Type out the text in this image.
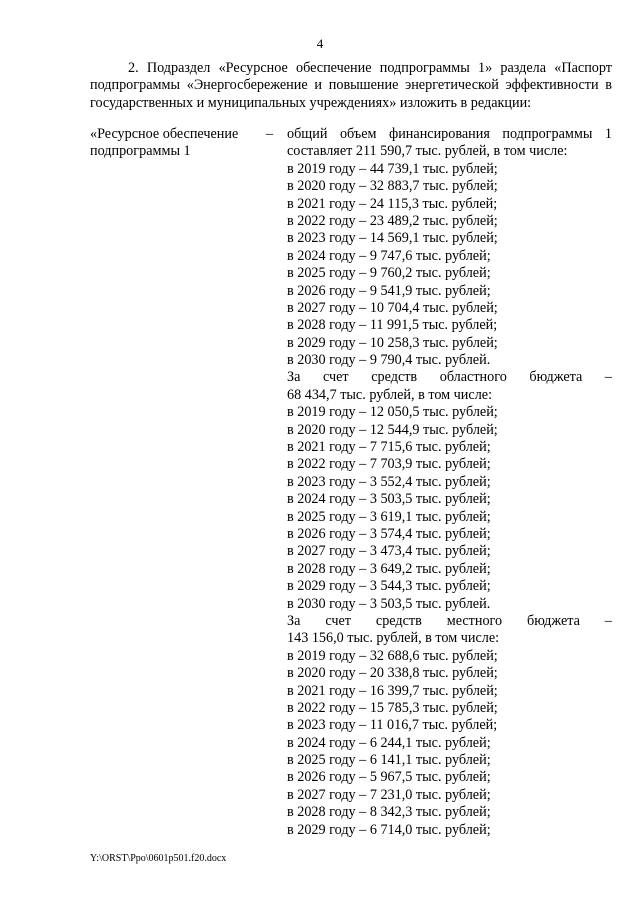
4
2. Подраздел «Ресурсное обеспечение подпрограммы 1» раздела «Паспорт подпрограммы «Энергосбережение и повышение энергетической эффективности в государственных и муниципальных учреждениях» изложить в редакции:
«Ресурсное обеспечение подпрограммы 1
– общий объем финансирования подпрограммы 1
составляет 211 590,7 тыс. рублей, в том числе:
в 2019 году – 44 739,1 тыс. рублей;
в 2020 году – 32 883,7 тыс. рублей;
в 2021 году – 24 115,3 тыс. рублей;
в 2022 году – 23 489,2 тыс. рублей;
в 2023 году – 14 569,1 тыс. рублей;
в 2024 году – 9 747,6 тыс. рублей;
в 2025 году – 9 760,2 тыс. рублей;
в 2026 году – 9 541,9 тыс. рублей;
в 2027 году – 10 704,4 тыс. рублей;
в 2028 году – 11 991,5 тыс. рублей;
в 2029 году – 10 258,3 тыс. рублей;
в 2030 году – 9 790,4 тыс. рублей.
За счет средств областного бюджета –
68 434,7 тыс. рублей, в том числе:
в 2019 году – 12 050,5 тыс. рублей;
в 2020 году – 12 544,9 тыс. рублей;
в 2021 году – 7 715,6 тыс. рублей;
в 2022 году – 7 703,9 тыс. рублей;
в 2023 году – 3 552,4 тыс. рублей;
в 2024 году – 3 503,5 тыс. рублей;
в 2025 году – 3 619,1 тыс. рублей;
в 2026 году – 3 574,4 тыс. рублей;
в 2027 году – 3 473,4 тыс. рублей;
в 2028 году – 3 649,2 тыс. рублей;
в 2029 году – 3 544,3 тыс. рублей;
в 2030 году – 3 503,5 тыс. рублей.
За счет средств местного бюджета –
143 156,0 тыс. рублей, в том числе:
в 2019 году – 32 688,6 тыс. рублей;
в 2020 году – 20 338,8 тыс. рублей;
в 2021 году – 16 399,7 тыс. рублей;
в 2022 году – 15 785,3 тыс. рублей;
в 2023 году – 11 016,7 тыс. рублей;
в 2024 году – 6 244,1 тыс. рублей;
в 2025 году – 6 141,1 тыс. рублей;
в 2026 году – 5 967,5 тыс. рублей;
в 2027 году – 7 231,0 тыс. рублей;
в 2028 году – 8 342,3 тыс. рублей;
в 2029 году – 6 714,0 тыс. рублей;
Y:\ORST\Ppo\0601p501.f20.docx
